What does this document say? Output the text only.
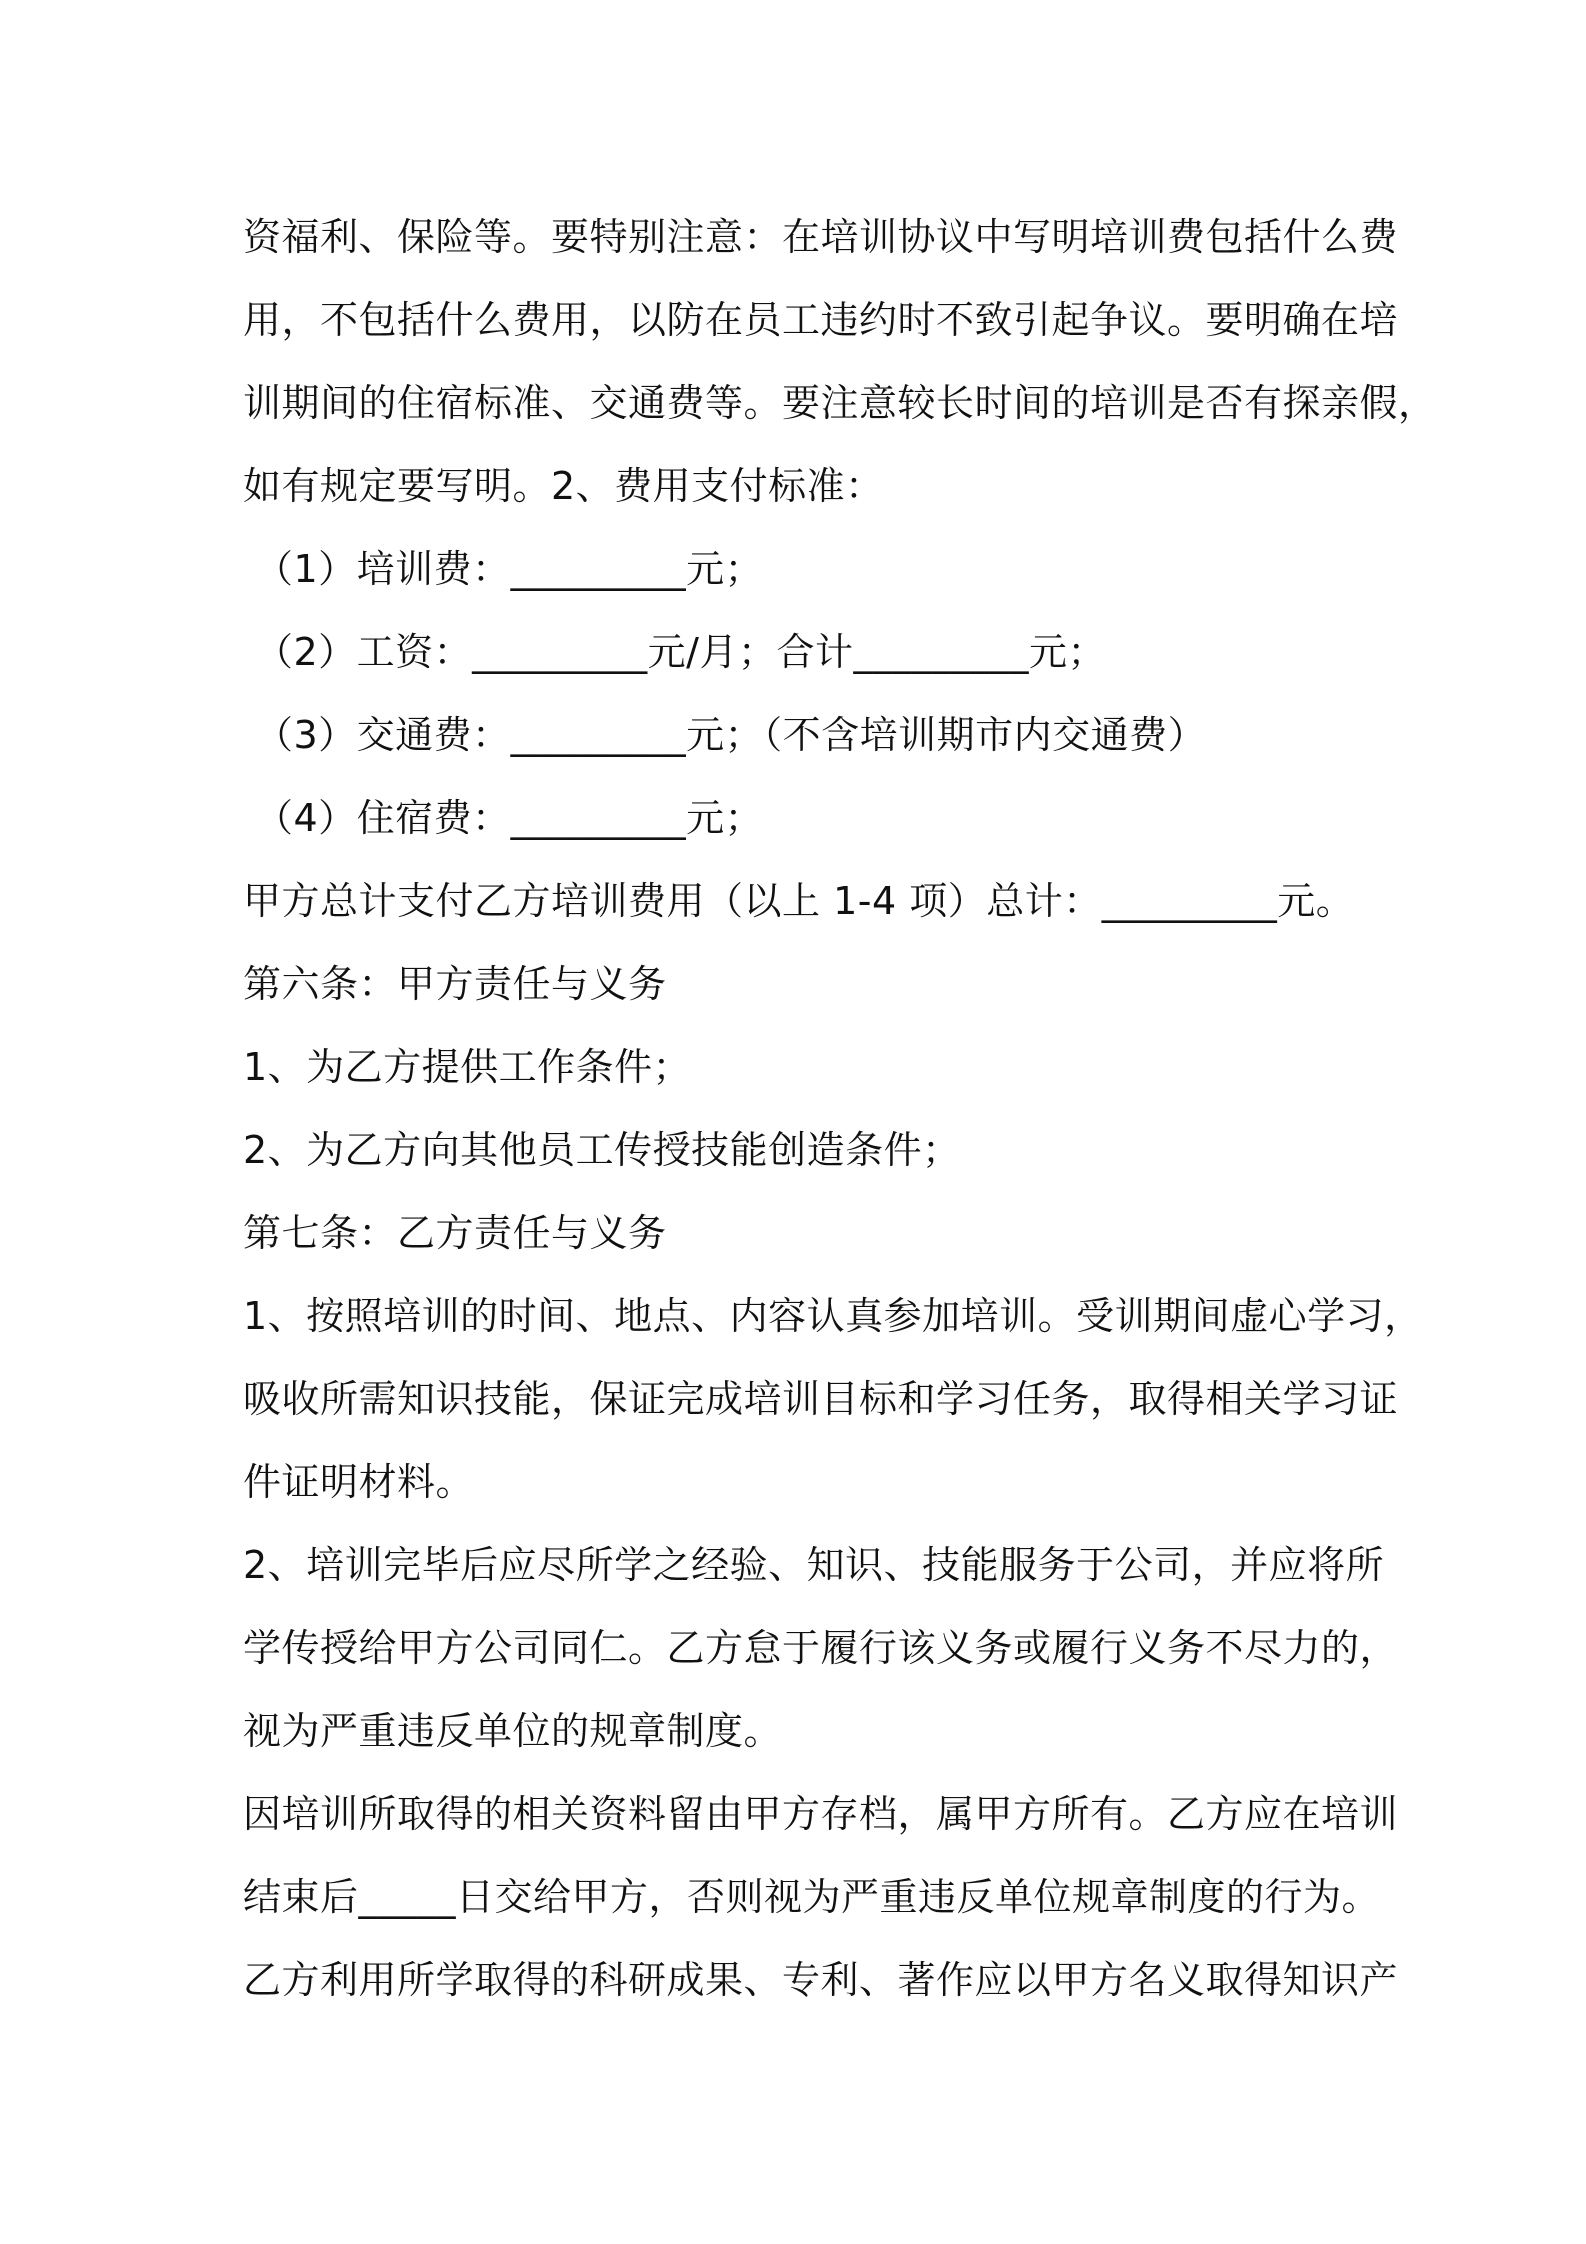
资福利、保险等。要特别注意：在培训协议中写明培训费包括什么费
用，不包括什么费用，以防在员工违约时不致引起争议。要明确在培
训期间的住宿标准、交通费等。要注意较长时间的培训是否有探亲假，
如有规定要写明。2、费用支付标准：
（1）培训费：_________元；
（2）工资：_________元/月；合计_________元；
（3）交通费：_________元；（不含培训期市内交通费）
（4）住宿费：_________元；
甲方总计支付乙方培训费用（以上 1-4 项）总计：_________元。
第六条：甲方责任与义务
1、为乙方提供工作条件；
2、为乙方向其他员工传授技能创造条件；
第七条：乙方责任与义务
1、按照培训的时间、地点、内容认真参加培训。受训期间虚心学习，
吸收所需知识技能，保证完成培训目标和学习任务，取得相关学习证
件证明材料。
2、培训完毕后应尽所学之经验、知识、技能服务于公司，并应将所
学传授给甲方公司同仁。乙方怠于履行该义务或履行义务不尽力的，
视为严重违反单位的规章制度。
因培训所取得的相关资料留由甲方存档，属甲方所有。乙方应在培训
结束后_____日交给甲方，否则视为严重违反单位规章制度的行为。
乙方利用所学取得的科研成果、专利、著作应以甲方名义取得知识产
